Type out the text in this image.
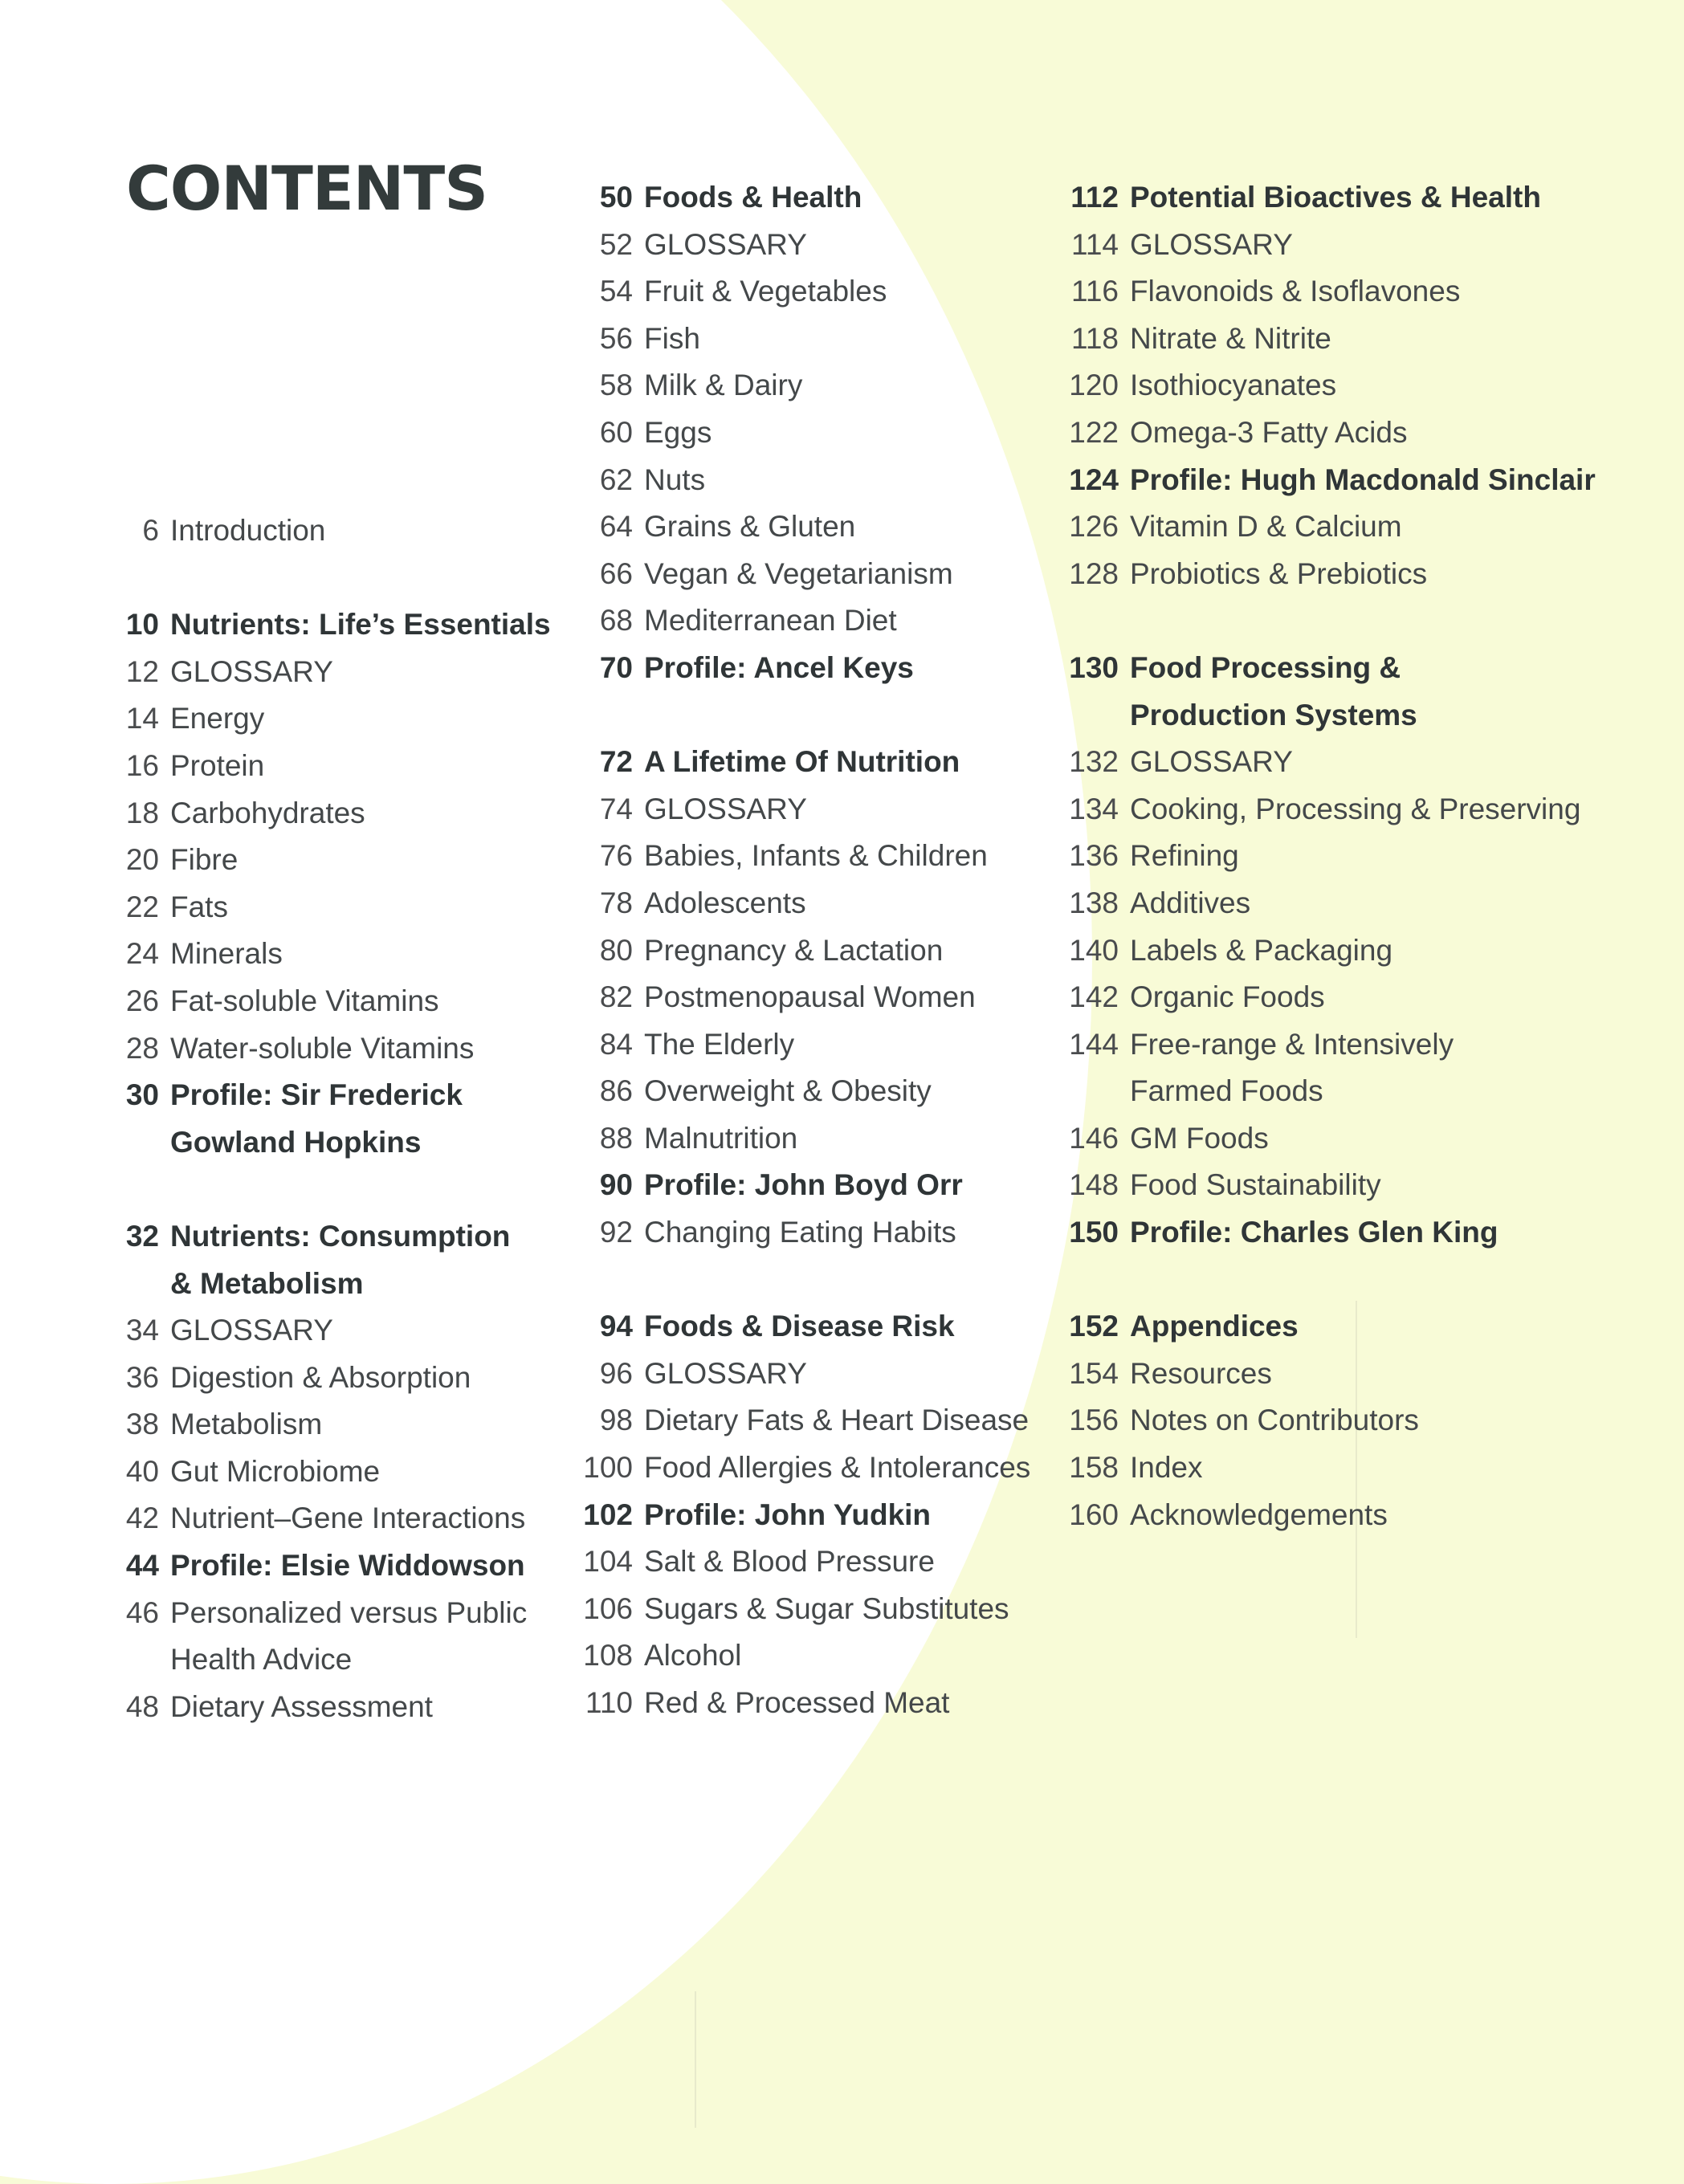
CONTENTS
6 Introduction
10 Nutrients: Life’s Essentials
12 GLOSSARY
14 Energy
16 Protein
18 Carbohydrates
20 Fibre
22 Fats
24 Minerals
26 Fat-soluble Vitamins
28 Water-soluble Vitamins
30 Profile: Sir Frederick
Gowland Hopkins
32 Nutrients: Consumption
& Metabolism
34 GLOSSARY
36 Digestion & Absorption
38 Metabolism
40 Gut Microbiome
42 Nutrient–Gene Interactions
44 Profile: Elsie Widdowson
46 Personalized versus Public
Health Advice
48 Dietary Assessment
50 Foods & Health
52 GLOSSARY
54 Fruit & Vegetables
56 Fish
58 Milk & Dairy
60 Eggs
62 Nuts
64 Grains & Gluten
66 Vegan & Vegetarianism
68 Mediterranean Diet
70 Profile: Ancel Keys
72 A Lifetime Of Nutrition
74 GLOSSARY
76 Babies, Infants & Children
78 Adolescents
80 Pregnancy & Lactation
82 Postmenopausal Women
84 The Elderly
86 Overweight & Obesity
88 Malnutrition
90 Profile: John Boyd Orr
92 Changing Eating Habits
94 Foods & Disease Risk
96 GLOSSARY
98 Dietary Fats & Heart Disease
100 Food Allergies & Intolerances
102 Profile: John Yudkin
104 Salt & Blood Pressure
106 Sugars & Sugar Substitutes
108 Alcohol
110 Red & Processed Meat
112 Potential Bioactives & Health
114 GLOSSARY
116 Flavonoids & Isoflavones
118 Nitrate & Nitrite
120 Isothiocyanates
122 Omega-3 Fatty Acids
124 Profile: Hugh Macdonald Sinclair
126 Vitamin D & Calcium
128 Probiotics & Prebiotics
130 Food Processing &
Production Systems
132 GLOSSARY
134 Cooking, Processing & Preserving
136 Refining
138 Additives
140 Labels & Packaging
142 Organic Foods
144 Free-range & Intensively
Farmed Foods
146 GM Foods
148 Food Sustainability
150 Profile: Charles Glen King
152 Appendices
154 Resources
156 Notes on Contributors
158 Index
160 Acknowledgements
